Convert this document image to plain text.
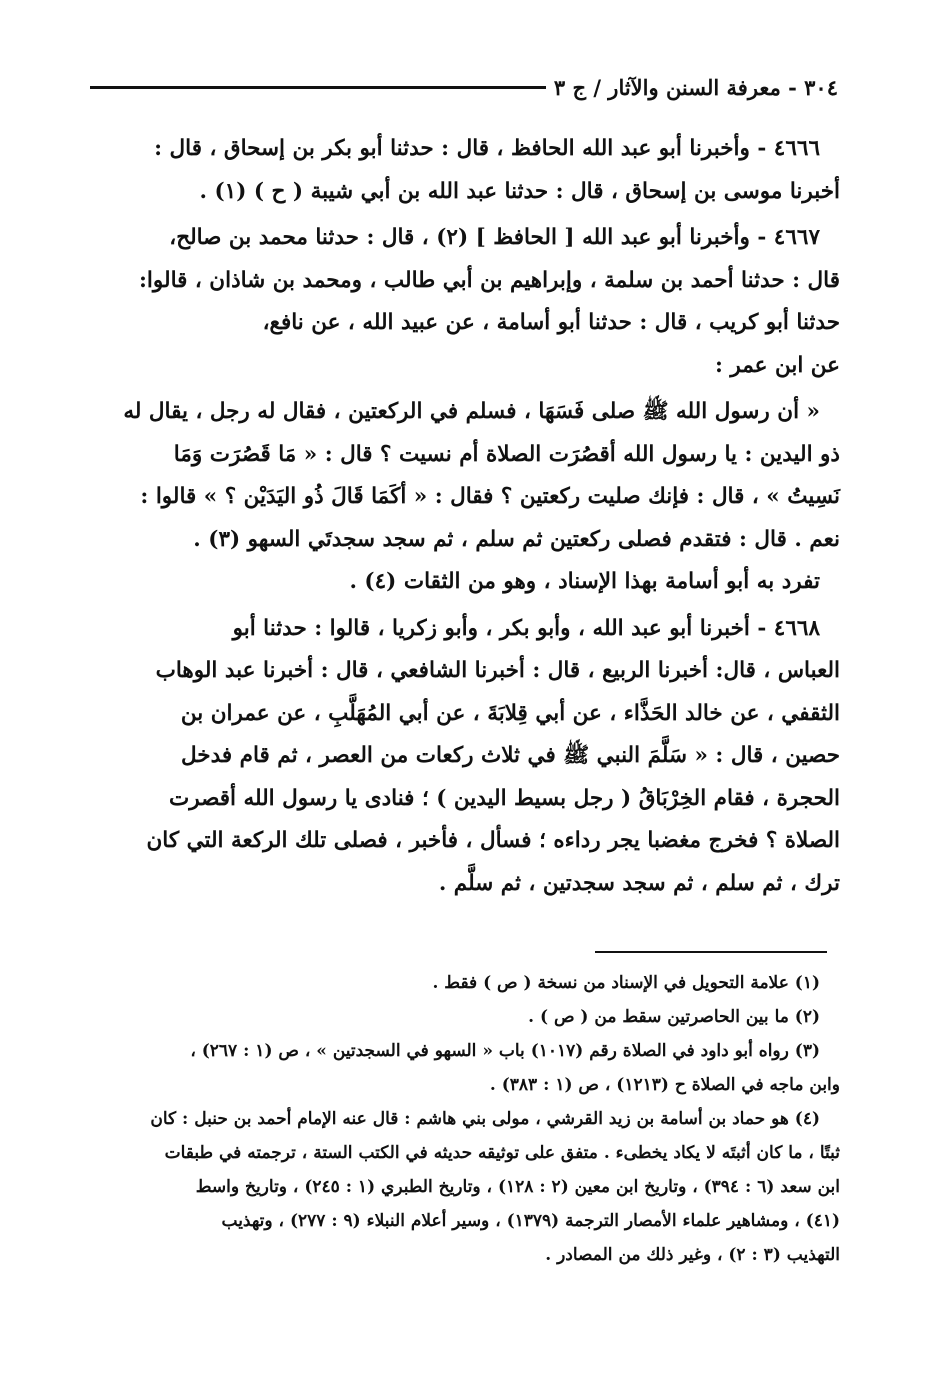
٣٠٤ - معرفة السنن والآثار / ج ٣

٤٦٦٦ - وأخبرنا أبو عبد الله الحافظ ، قال : حدثنا أبو بكر بن إسحاق ، قال :

أخبرنا موسى بن إسحاق ، قال : حدثنا عبد الله بن أبي شيبة ( ح ) (١) .

٤٦٦٧ - وأخبرنا أبو عبد الله [ الحافظ ] (٢) ، قال : حدثنا محمد بن صالح،

قال : حدثنا أحمد بن سلمة ، وإبراهيم بن أبي طالب ، ومحمد بن شاذان ، قالوا:

حدثنا أبو كريب ، قال : حدثنا أبو أسامة ، عن عبيد الله ، عن نافع،

عن ابن عمر :

« أن رسول الله ﷺ صلى فَسَهَا ، فسلم في الركعتين ، فقال له رجل ، يقال له

ذو اليدين : يا رسول الله أقصُرَت الصلاة أم نسيت ؟ قال : « مَا قَصُرَت وَمَا

نَسِيتُ » ، قال : فإنك صليت ركعتين ؟ فقال : « أكَمَا قَالَ ذُو اليَدَيْن ؟ » قالوا :

نعم . قال : فتقدم فصلى ركعتين ثم سلم ، ثم سجد سجدتَي السهو (٣) .

تفرد به أبو أسامة بهذا الإسناد ، وهو من الثقات (٤) .

٤٦٦٨ - أخبرنا أبو عبد الله ، وأبو بكر ، وأبو زكريا ، قالوا : حدثنا أبو

العباس ، قال: أخبرنا الربيع ، قال : أخبرنا الشافعي ، قال : أخبرنا عبد الوهاب

الثقفي ، عن خالد الحَذَّاء ، عن أبي قِلابَةَ ، عن أبي المُهَلَّبِ ، عن عمران بن

حصين ، قال : « سَلَّمَ النبي ﷺ في ثلاث ركعات من العصر ، ثم قام فدخل

الحجرة ، فقام الخِرْبَاقُ ( رجل بسيط اليدين ) ؛ فنادى يا رسول الله أقصرت

الصلاة ؟ فخرج مغضبا يجر رداءه ؛ فسأل ، فأخبر ، فصلى تلك الركعة التي كان

ترك ، ثم سلم ، ثم سجد سجدتين ، ثم سلَّم .

(١) علامة التحويل في الإسناد من نسخة ( ص ) فقط .

(٢) ما بين الحاصرتين سقط من ( ص ) .

(٣) رواه أبو داود في الصلاة رقم (١٠١٧) باب « السهو في السجدتين » ، ص (١ : ٢٦٧) ،

وابن ماجه في الصلاة ح (١٢١٣) ، ص (١ : ٣٨٣) .

(٤) هو حماد بن أسامة بن زيد القرشي ، مولى بني هاشم : قال عنه الإمام أحمد بن حنبل : كان

ثبتًا ، ما كان أثبتَه لا يكاد يخطىء . متفق على توثيقه حديثه في الكتب الستة ، ترجمته في طبقات

ابن سعد (٦ : ٣٩٤) ، وتاريخ ابن معين (٢ : ١٢٨) ، وتاريخ الطبري (١ : ٢٤٥) ، وتاريخ واسط

(٤١) ، ومشاهير علماء الأمصار الترجمة (١٣٧٩) ، وسير أعلام النبلاء (٩ : ٢٧٧) ، وتهذيب

التهذيب (٣ : ٢) ، وغير ذلك من المصادر .
